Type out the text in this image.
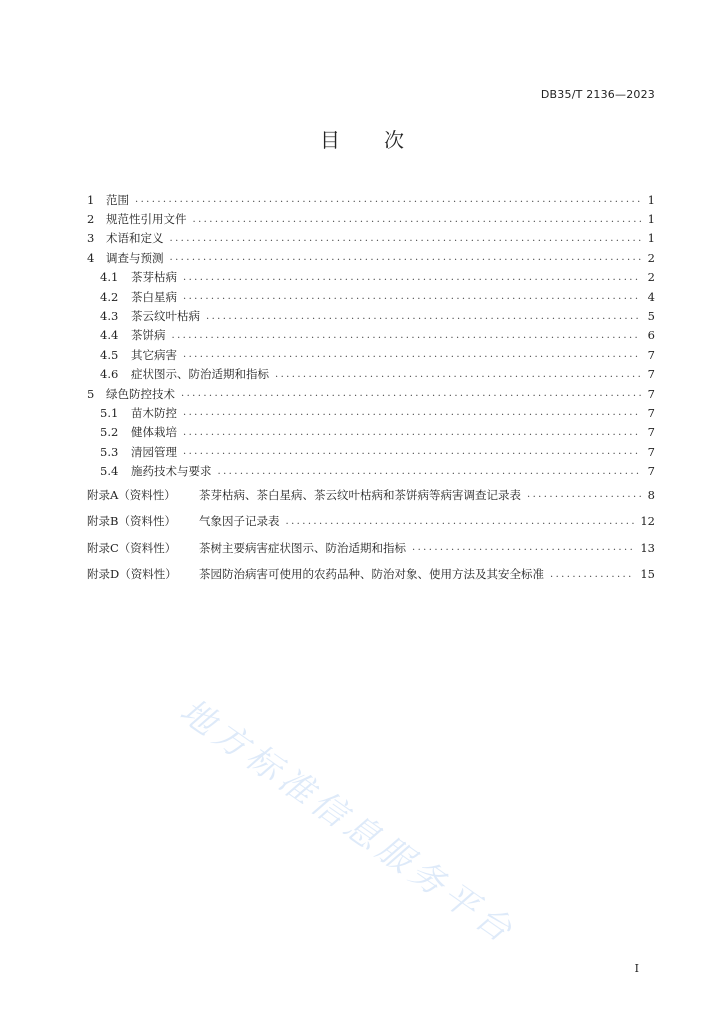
DB35/T 2136—2023
目 次
1	范围 .....	1
2	规范性引用文件 .....	1
3	术语和定义 .....	1
4	调查与预测 .....	2
4.1	茶芽枯病 .....	2
4.2	茶白星病 .....	4
4.3	茶云纹叶枯病 .....	5
4.4	茶饼病 .....	6
4.5	其它病害 .....	7
4.6	症状图示、防治适期和指标 .....	7
5	绿色防控技术 .....	7
5.1	苗木防控 .....	7
5.2	健体栽培 .....	7
5.3	清园管理 .....	7
5.4	施药技术与要求 .....	7
附录A（资料性）	茶芽枯病、茶白星病、茶云纹叶枯病和茶饼病等病害调查记录表 .....	8
附录B（资料性）	气象因子记录表 .....	12
附录C（资料性）	茶树主要病害症状图示、防治适期和指标 .....	13
附录D（资料性）	茶园防治病害可使用的农药品种、防治对象、使用方法及其安全标准 .....	15
地方标准信息服务平台
I
